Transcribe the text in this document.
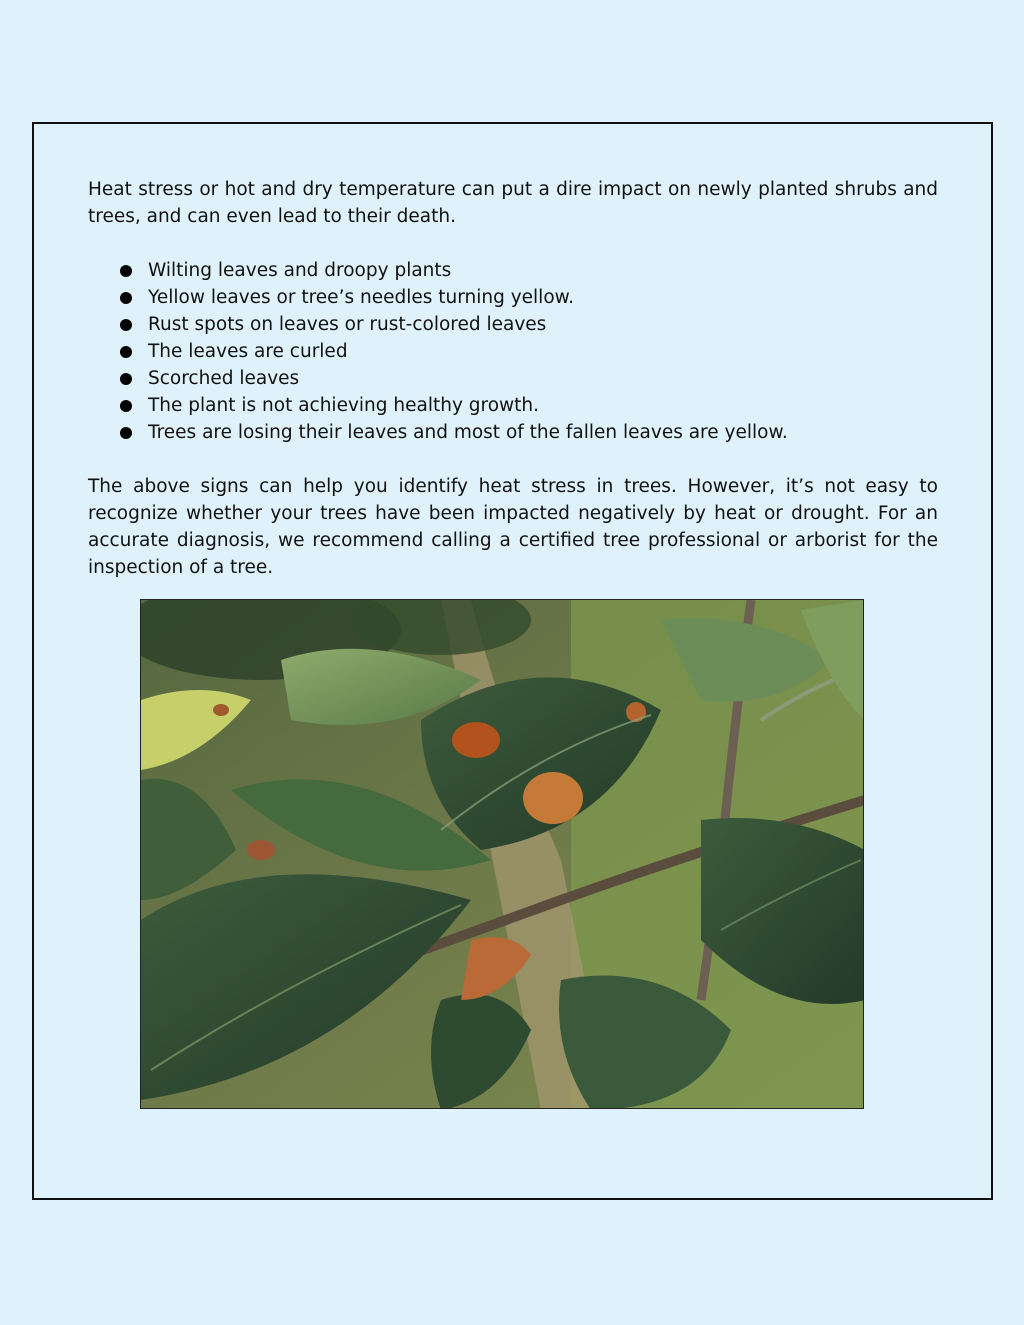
Heat stress or hot and dry temperature can put a dire impact on newly planted shrubs and trees, and can even lead to their death.

Wilting leaves and droopy plants
Yellow leaves or tree’s needles turning yellow.
Rust spots on leaves or rust-colored leaves
The leaves are curled
Scorched leaves
The plant is not achieving healthy growth.
Trees are losing their leaves and most of the fallen leaves are yellow.

The above signs can help you identify heat stress in trees. However, it’s not easy to recognize whether your trees have been impacted negatively by heat or drought. For an accurate diagnosis, we recommend calling a certified tree professional or arborist for the inspection of a tree.
